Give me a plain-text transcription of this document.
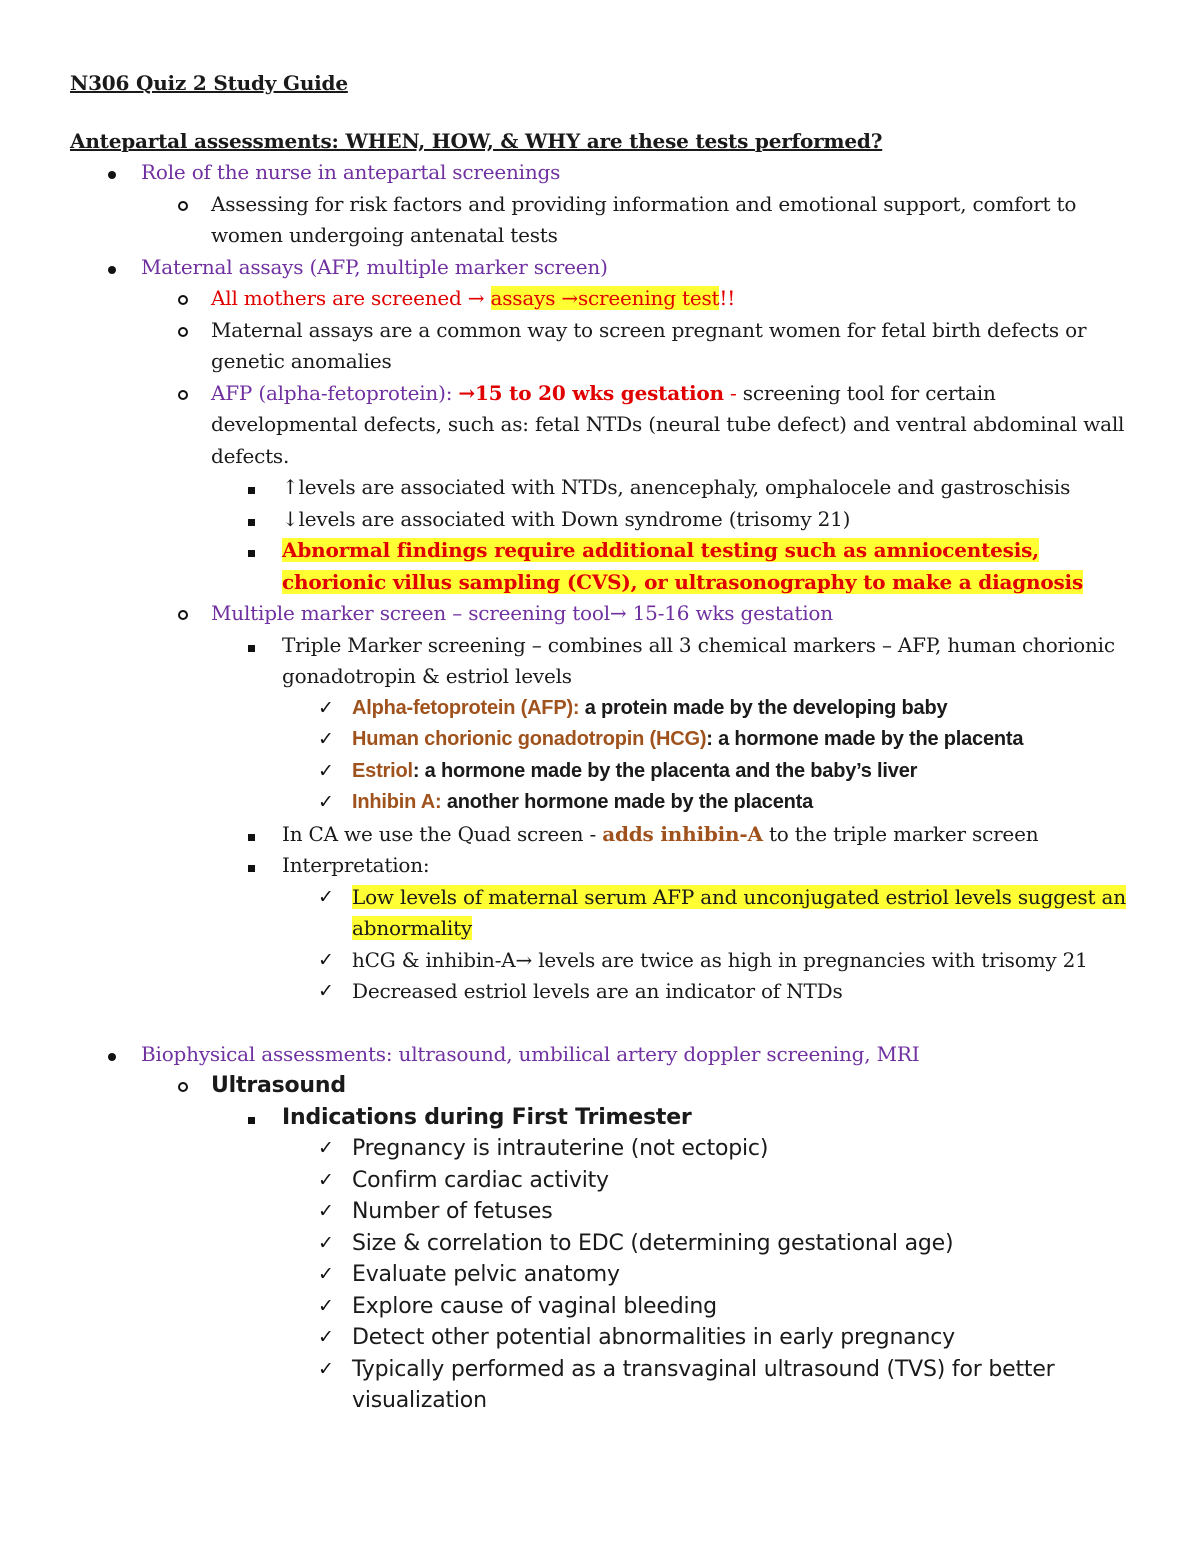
N306 Quiz 2 Study Guide

Antepartal assessments: WHEN, HOW, & WHY are these tests performed?

Role of the nurse in antepartal screenings
Assessing for risk factors and providing information and emotional support, comfort to women undergoing antenatal tests
Maternal assays (AFP, multiple marker screen)
All mothers are screened → assays →screening test!!
Maternal assays are a common way to screen pregnant women for fetal birth defects or genetic anomalies
AFP (alpha-fetoprotein): →15 to 20 wks gestation - screening tool for certain developmental defects, such as: fetal NTDs (neural tube defect) and ventral abdominal wall defects.
↑levels are associated with NTDs, anencephaly, omphalocele and gastroschisis
↓levels are associated with Down syndrome (trisomy 21)
Abnormal findings require additional testing such as amniocentesis, chorionic villus sampling (CVS), or ultrasonography to make a diagnosis
Multiple marker screen – screening tool→ 15-16 wks gestation
Triple Marker screening – combines all 3 chemical markers – AFP, human chorionic gonadotropin & estriol levels
✓ Alpha-fetoprotein (AFP): a protein made by the developing baby
✓ Human chorionic gonadotropin (HCG): a hormone made by the placenta
✓ Estriol: a hormone made by the placenta and the baby’s liver
✓ Inhibin A: another hormone made by the placenta
In CA we use the Quad screen - adds inhibin-A to the triple marker screen
Interpretation:
✓ Low levels of maternal serum AFP and unconjugated estriol levels suggest an abnormality
✓ hCG & inhibin-A→ levels are twice as high in pregnancies with trisomy 21
✓ Decreased estriol levels are an indicator of NTDs
Biophysical assessments: ultrasound, umbilical artery doppler screening, MRI
Ultrasound
Indications during First Trimester
✓ Pregnancy is intrauterine (not ectopic)
✓ Confirm cardiac activity
✓ Number of fetuses
✓ Size & correlation to EDC (determining gestational age)
✓ Evaluate pelvic anatomy
✓ Explore cause of vaginal bleeding
✓ Detect other potential abnormalities in early pregnancy
✓ Typically performed as a transvaginal ultrasound (TVS) for better visualization
